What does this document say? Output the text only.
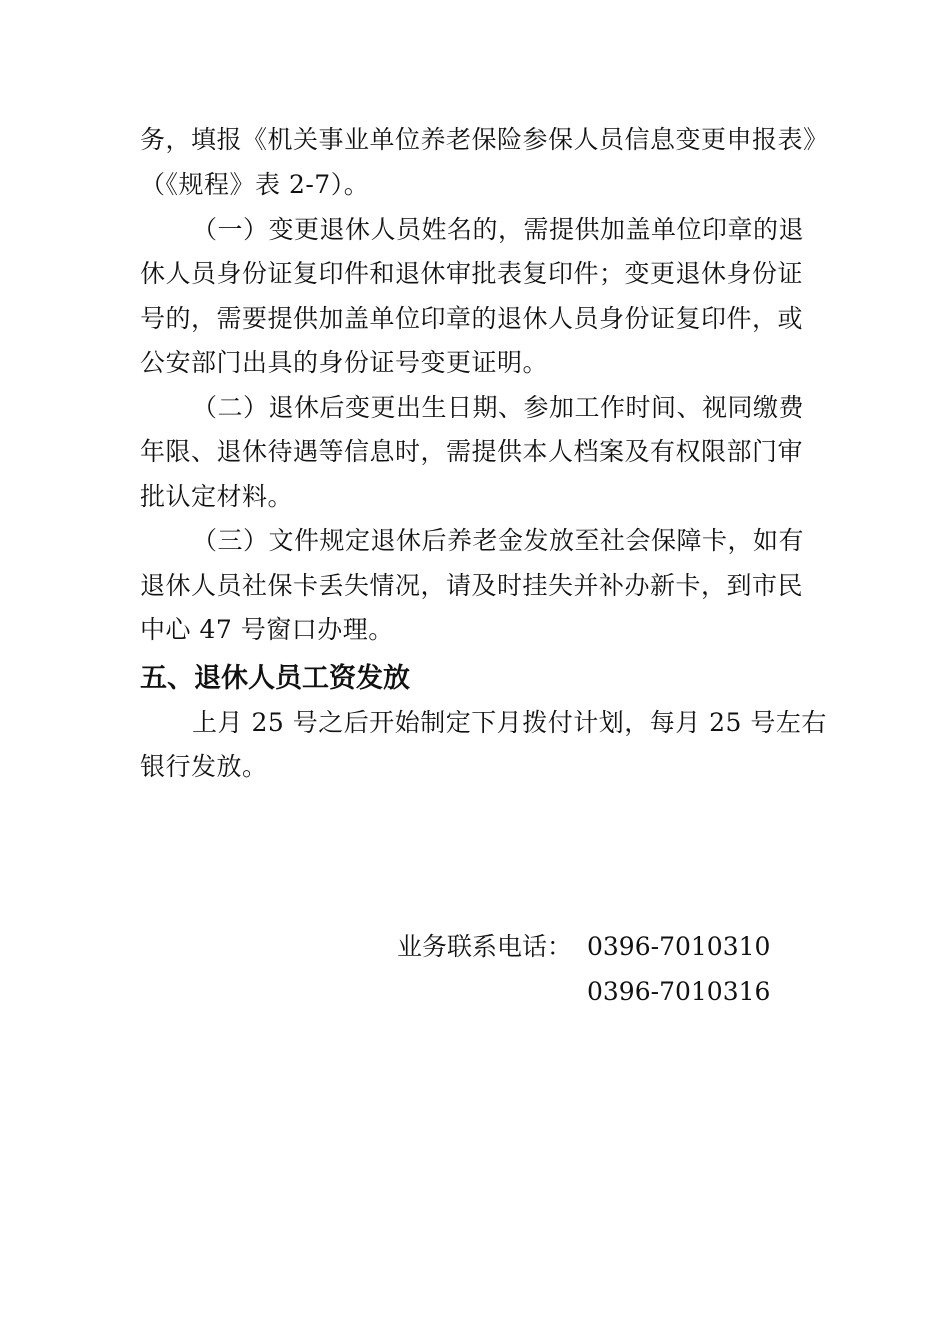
务，填报《机关事业单位养老保险参保人员信息变更申报表》
（《规程》表 2-7）。
（一）变更退休人员姓名的，需提供加盖单位印章的退
休人员身份证复印件和退休审批表复印件；变更退休身份证
号的，需要提供加盖单位印章的退休人员身份证复印件，或
公安部门出具的身份证号变更证明。
（二）退休后变更出生日期、参加工作时间、视同缴费
年限、退休待遇等信息时，需提供本人档案及有权限部门审
批认定材料。
（三）文件规定退休后养老金发放至社会保障卡，如有
退休人员社保卡丢失情况，请及时挂失并补办新卡，到市民
中心 47 号窗口办理。
五、退休人员工资发放
上月 25 号之后开始制定下月拨付计划，每月 25 号左右
银行发放。
业务联系电话： 0396-7010310
0396-7010316
